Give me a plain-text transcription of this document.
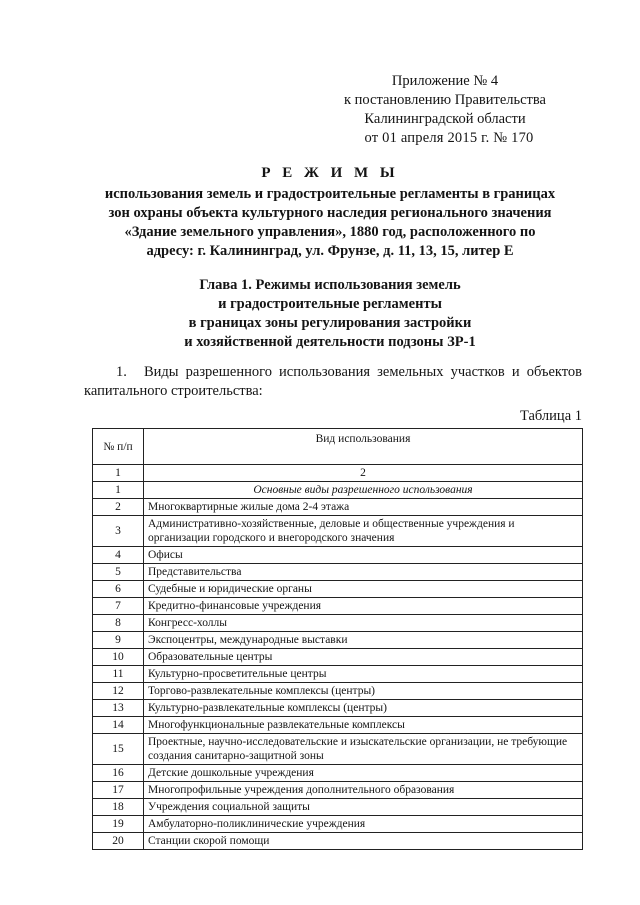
Приложение № 4
к постановлению Правительства
Калининградской области
от 01 апреля 2015 г. № 170
Р Е Ж И М Ы
использования земель и градостроительные регламенты в границах
зон охраны объекта культурного наследия регионального значения
«Здание земельного управления», 1880 год, расположенного по
адресу: г. Калининград, ул. Фрунзе, д. 11, 13, 15, литер Е
Глава 1. Режимы использования земель
и градостроительные регламенты
в границах зоны регулирования застройки
и хозяйственной деятельности подзоны ЗР-1
1. Виды разрешенного использования земельных участков и объектов капитального строительства:
Таблица 1
№ п/п	Вид использования
1	2
1	Основные виды разрешенного использования
2	Многоквартирные жилые дома 2-4 этажа
3	Административно-хозяйственные, деловые и общественные учреждения и организации городского и внегородского значения
4	Офисы
5	Представительства
6	Судебные и юридические органы
7	Кредитно-финансовые учреждения
8	Конгресс-холлы
9	Экспоцентры, международные выставки
10	Образовательные центры
11	Культурно-просветительные центры
12	Торгово-развлекательные комплексы (центры)
13	Культурно-развлекательные комплексы (центры)
14	Многофункциональные развлекательные комплексы
15	Проектные, научно-исследовательские и изыскательские организации, не требующие создания санитарно-защитной зоны
16	Детские дошкольные учреждения
17	Многопрофильные учреждения дополнительного образования
18	Учреждения социальной защиты
19	Амбулаторно-поликлинические учреждения
20	Станции скорой помощи
